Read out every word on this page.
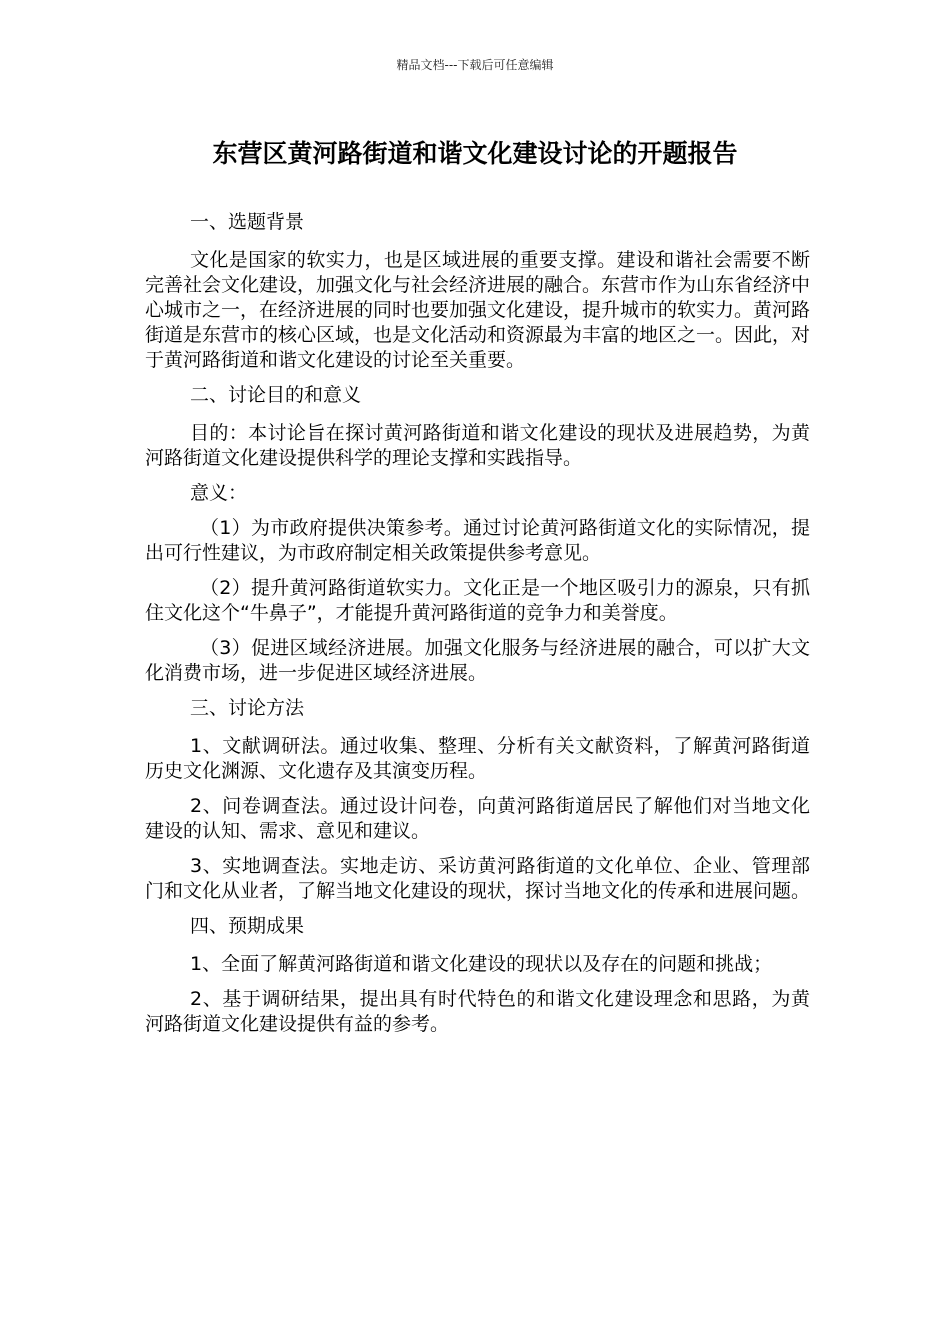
精品文档---下载后可任意编辑
东营区黄河路街道和谐文化建设讨论的开题报告

一、选题背景

文化是国家的软实力，也是区域进展的重要支撑。建设和谐社会需要不断完善社会文化建设，加强文化与社会经济进展的融合。东营市作为山东省经济中心城市之一，在经济进展的同时也要加强文化建设，提升城市的软实力。黄河路街道是东营市的核心区域，也是文化活动和资源最为丰富的地区之一。因此，对于黄河路街道和谐文化建设的讨论至关重要。

二、讨论目的和意义

目的：本讨论旨在探讨黄河路街道和谐文化建设的现状及进展趋势，为黄河路街道文化建设提供科学的理论支撑和实践指导。

意义：

（1）为市政府提供决策参考。通过讨论黄河路街道文化的实际情况，提出可行性建议，为市政府制定相关政策提供参考意见。

（2）提升黄河路街道软实力。文化正是一个地区吸引力的源泉，只有抓住文化这个“牛鼻子”，才能提升黄河路街道的竞争力和美誉度。

（3）促进区域经济进展。加强文化服务与经济进展的融合，可以扩大文化消费市场，进一步促进区域经济进展。

三、讨论方法

1、文献调研法。通过收集、整理、分析有关文献资料，了解黄河路街道历史文化渊源、文化遗存及其演变历程。

2、问卷调查法。通过设计问卷，向黄河路街道居民了解他们对当地文化建设的认知、需求、意见和建议。

3、实地调查法。实地走访、采访黄河路街道的文化单位、企业、管理部门和文化从业者，了解当地文化建设的现状，探讨当地文化的传承和进展问题。

四、预期成果

1、全面了解黄河路街道和谐文化建设的现状以及存在的问题和挑战；

2、基于调研结果，提出具有时代特色的和谐文化建设理念和思路，为黄河路街道文化建设提供有益的参考。
